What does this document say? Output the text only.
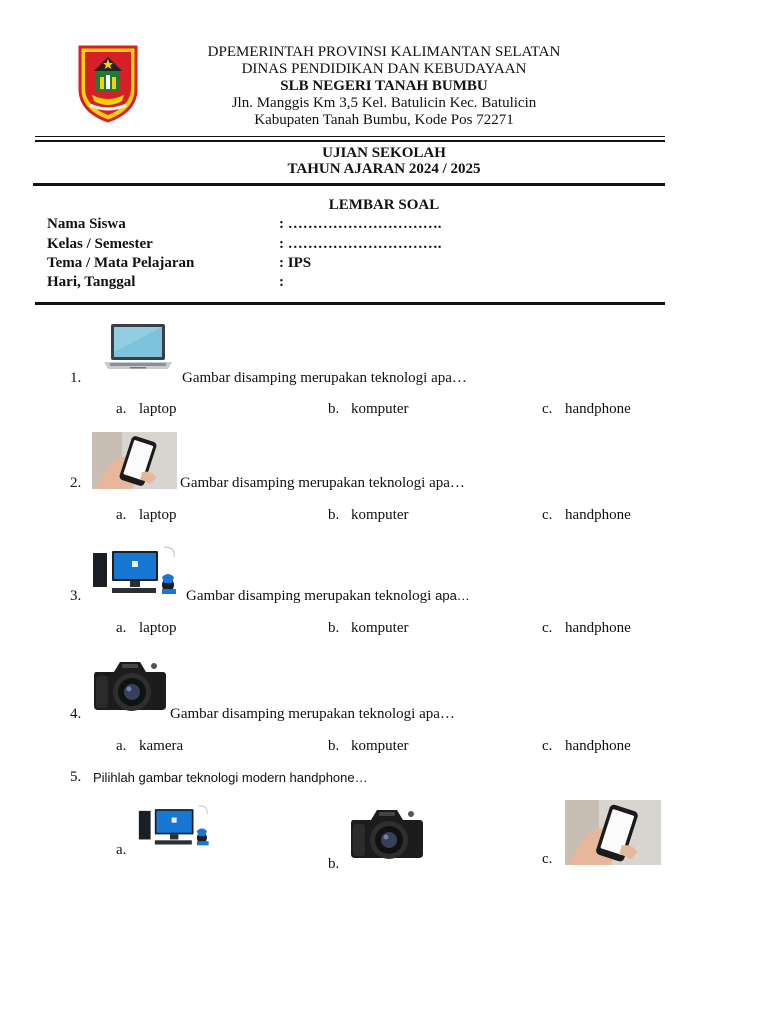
DPEMERINTAH PROVINSI KALIMANTAN SELATAN
DINAS PENDIDIKAN DAN KEBUDAYAAN
SLB NEGERI TANAH BUMBU
Jln. Manggis Km 3,5 Kel. Batulicin Kec. Batulicin
Kabupaten Tanah Bumbu, Kode Pos 72271
UJIAN SEKOLAH
TAHUN AJARAN 2024 / 2025
LEMBAR SOAL
Nama Siswa	: ………………………….
Kelas / Semester	: ………………………….
Tema / Mata Pelajaran	: IPS
Hari, Tanggal	:
1.	Gambar disamping merupakan teknologi apa…
a. laptop	b. komputer	c. handphone
2.	Gambar disamping merupakan teknologi apa…
a. laptop	b. komputer	c. handphone
3.	Gambar disamping merupakan teknologi apa…
a. laptop	b. komputer	c. handphone
4.	Gambar disamping merupakan teknologi apa…
a. kamera	b. komputer	c. handphone
5. Pilihlah gambar teknologi modern handphone…
a.
b.	c.
